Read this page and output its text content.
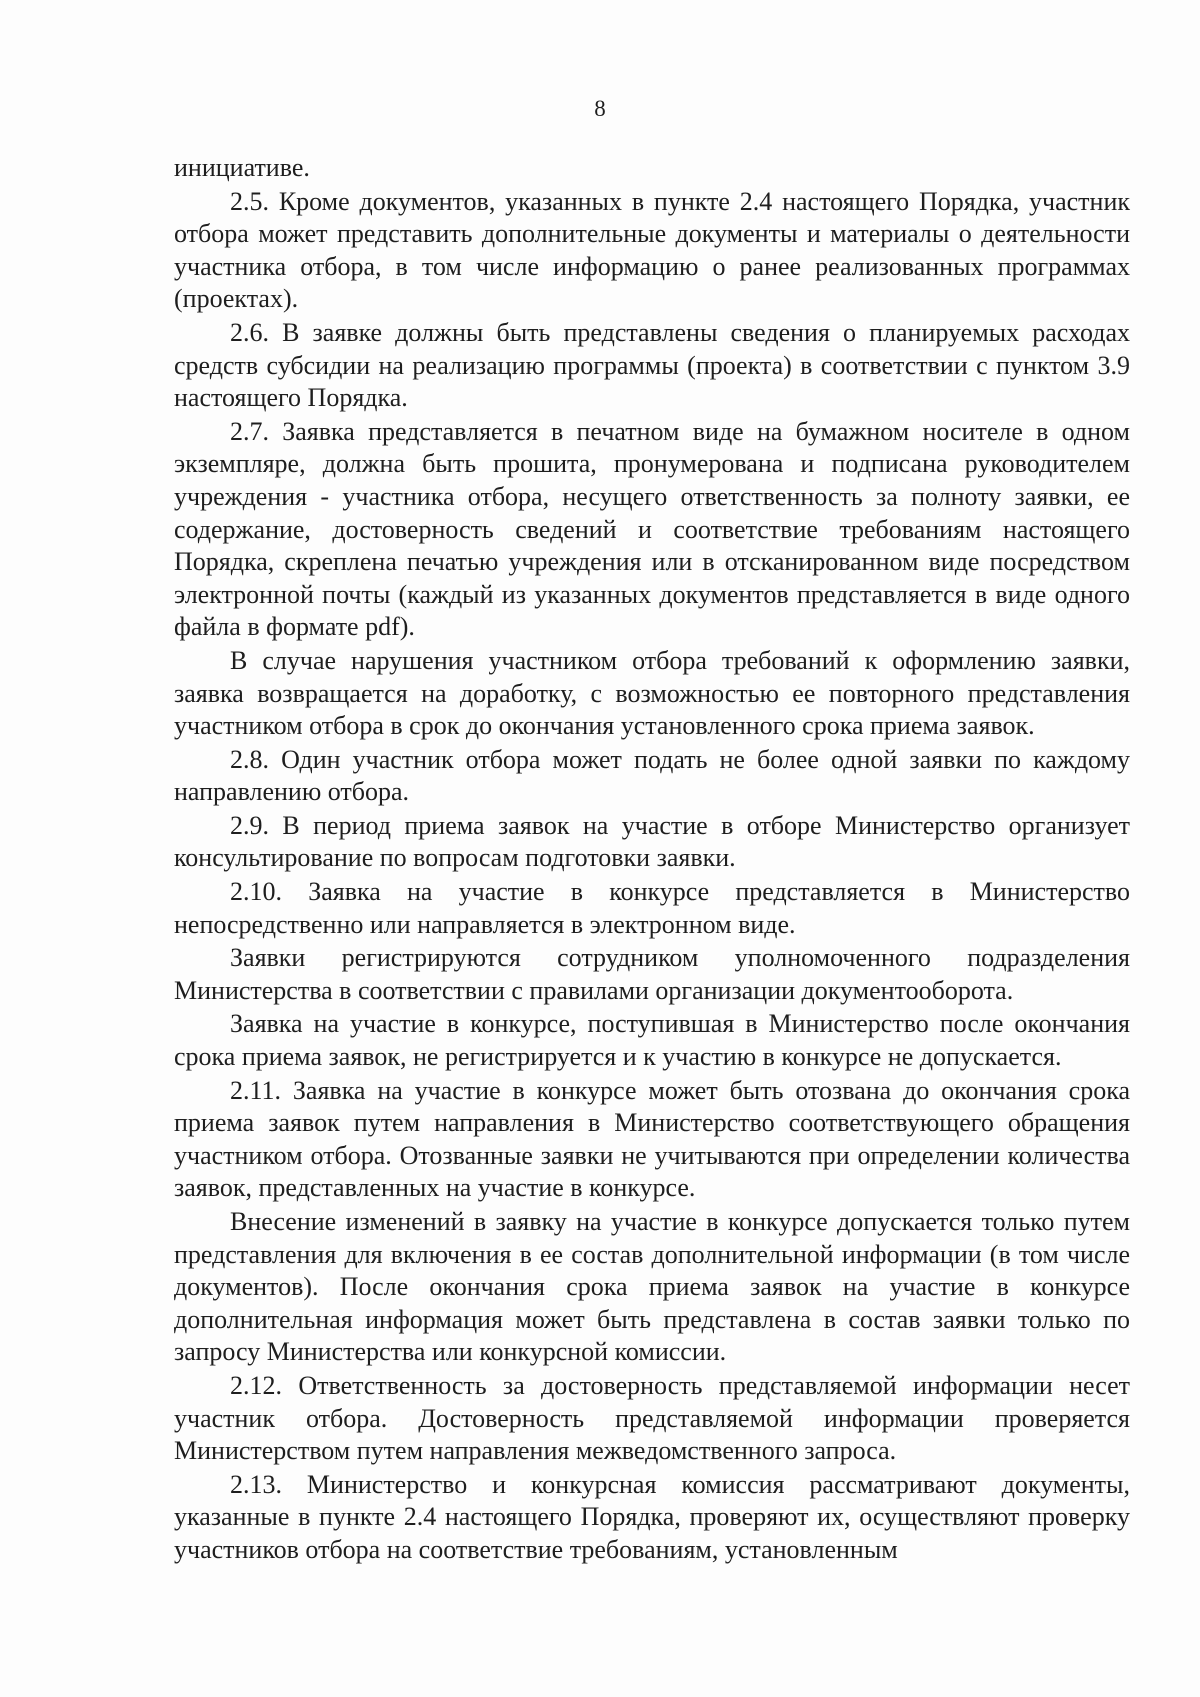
8

инициативе.

2.5. Кроме документов, указанных в пункте 2.4 настоящего Порядка, участник отбора может представить дополнительные документы и материалы о деятельности участника отбора, в том числе информацию о ранее реализованных программах (проектах).

2.6. В заявке должны быть представлены сведения о планируемых расходах средств субсидии на реализацию программы (проекта) в соответствии с пунктом 3.9 настоящего Порядка.

2.7. Заявка представляется в печатном виде на бумажном носителе в одном экземпляре, должна быть прошита, пронумерована и подписана руководителем учреждения - участника отбора, несущего ответственность за полноту заявки, ее содержание, достоверность сведений и соответствие требованиям настоящего Порядка, скреплена печатью учреждения или в отсканированном виде посредством электронной почты (каждый из указанных документов представляется в виде одного файла в формате pdf).

В случае нарушения участником отбора требований к оформлению заявки, заявка возвращается на доработку, с возможностью ее повторного представления участником отбора в срок до окончания установленного срока приема заявок.

2.8. Один участник отбора может подать не более одной заявки по каждому направлению отбора.

2.9. В период приема заявок на участие в отборе Министерство организует консультирование по вопросам подготовки заявки.

2.10. Заявка на участие в конкурсе представляется в Министерство непосредственно или направляется в электронном виде.

Заявки регистрируются сотрудником уполномоченного подразделения Министерства в соответствии с правилами организации документооборота.

Заявка на участие в конкурсе, поступившая в Министерство после окончания срока приема заявок, не регистрируется и к участию в конкурсе не допускается.

2.11. Заявка на участие в конкурсе может быть отозвана до окончания срока приема заявок путем направления в Министерство соответствующего обращения участником отбора. Отозванные заявки не учитываются при определении количества заявок, представленных на участие в конкурсе.

Внесение изменений в заявку на участие в конкурсе допускается только путем представления для включения в ее состав дополнительной информации (в том числе документов). После окончания срока приема заявок на участие в конкурсе дополнительная информация может быть представлена в состав заявки только по запросу Министерства или конкурсной комиссии.

2.12. Ответственность за достоверность представляемой информации несет участник отбора. Достоверность представляемой информации проверяется Министерством путем направления межведомственного запроса.

2.13. Министерство и конкурсная комиссия рассматривают документы, указанные в пункте 2.4 настоящего Порядка, проверяют их, осуществляют проверку участников отбора на соответствие требованиям, установленным
